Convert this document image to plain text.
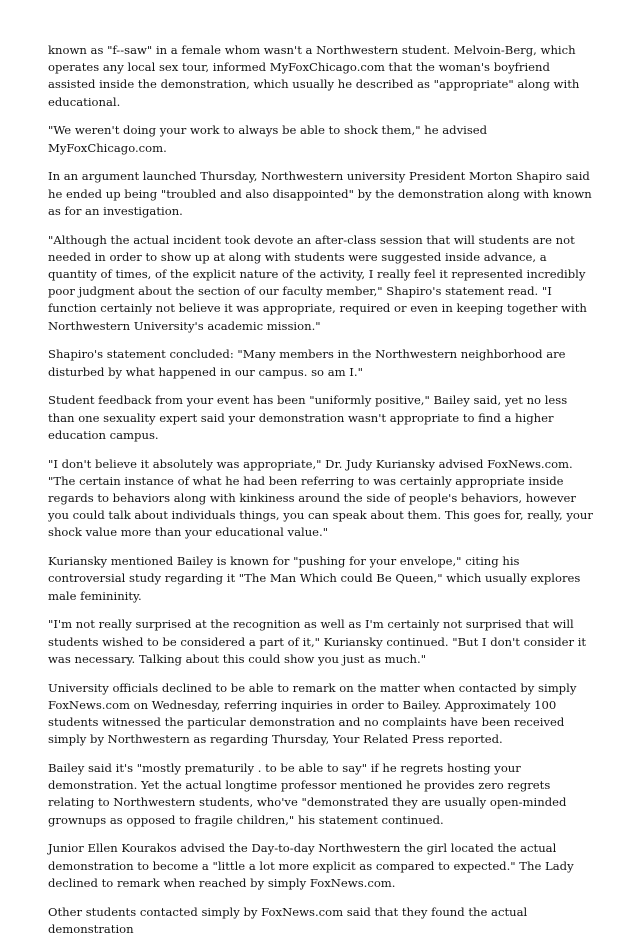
known as "f--saw" in a female whom wasn't a Northwestern student. Melvoin-Berg, which operates any local sex tour, informed MyFoxChicago.com that the woman's boyfriend assisted inside the demonstration, which usually he described as "appropriate" along with educational.

"We weren't doing your work to always be able to shock them," he advised MyFoxChicago.com.

In an argument launched Thursday, Northwestern university President Morton Shapiro said he ended up being "troubled and also disappointed" by the demonstration along with known as for an investigation.

"Although the actual incident took devote an after-class session that will students are not needed in order to show up at along with students were suggested inside advance, a quantity of times, of the explicit nature of the activity, I really feel it represented incredibly poor judgment about the section of our faculty member," Shapiro's statement read. "I function certainly not believe it was appropriate, required or even in keeping together with Northwestern University's academic mission."

Shapiro's statement concluded: "Many members in the Northwestern neighborhood are disturbed by what happened in our campus. so am I."

Student feedback from your event has been "uniformly positive," Bailey said, yet no less than one sexuality expert said your demonstration wasn't appropriate to find a higher education campus.

"I don't believe it absolutely was appropriate," Dr. Judy Kuriansky advised FoxNews.com. "The certain instance of what he had been referring to was certainly appropriate inside regards to behaviors along with kinkiness around the side of people's behaviors, however you could talk about individuals things, you can speak about them. This goes for, really, your shock value more than your educational value."

Kuriansky mentioned Bailey is known for "pushing for your envelope," citing his controversial study regarding it "The Man Which could Be Queen," which usually explores male femininity.

"I'm not really surprised at the recognition as well as I'm certainly not surprised that will students wished to be considered a part of it," Kuriansky continued. "But I don't consider it was necessary. Talking about this could show you just as much."

University officials declined to be able to remark on the matter when contacted by simply FoxNews.com on Wednesday, referring inquiries in order to Bailey. Approximately 100 students witnessed the particular demonstration and no complaints have been received simply by Northwestern as regarding Thursday, Your Related Press reported.

Bailey said it's "mostly prematurily . to be able to say" if he regrets hosting your demonstration. Yet the actual longtime professor mentioned he provides zero regrets relating to Northwestern students, who've "demonstrated they are usually open-minded grownups as opposed to fragile children," his statement continued.

Junior Ellen Kourakos advised the Day-to-day Northwestern the girl located the actual demonstration to become a "little a lot more explicit as compared to expected." The Lady declined to remark when reached by simply FoxNews.com.

Other students contacted simply by FoxNews.com said that they found the actual demonstration
